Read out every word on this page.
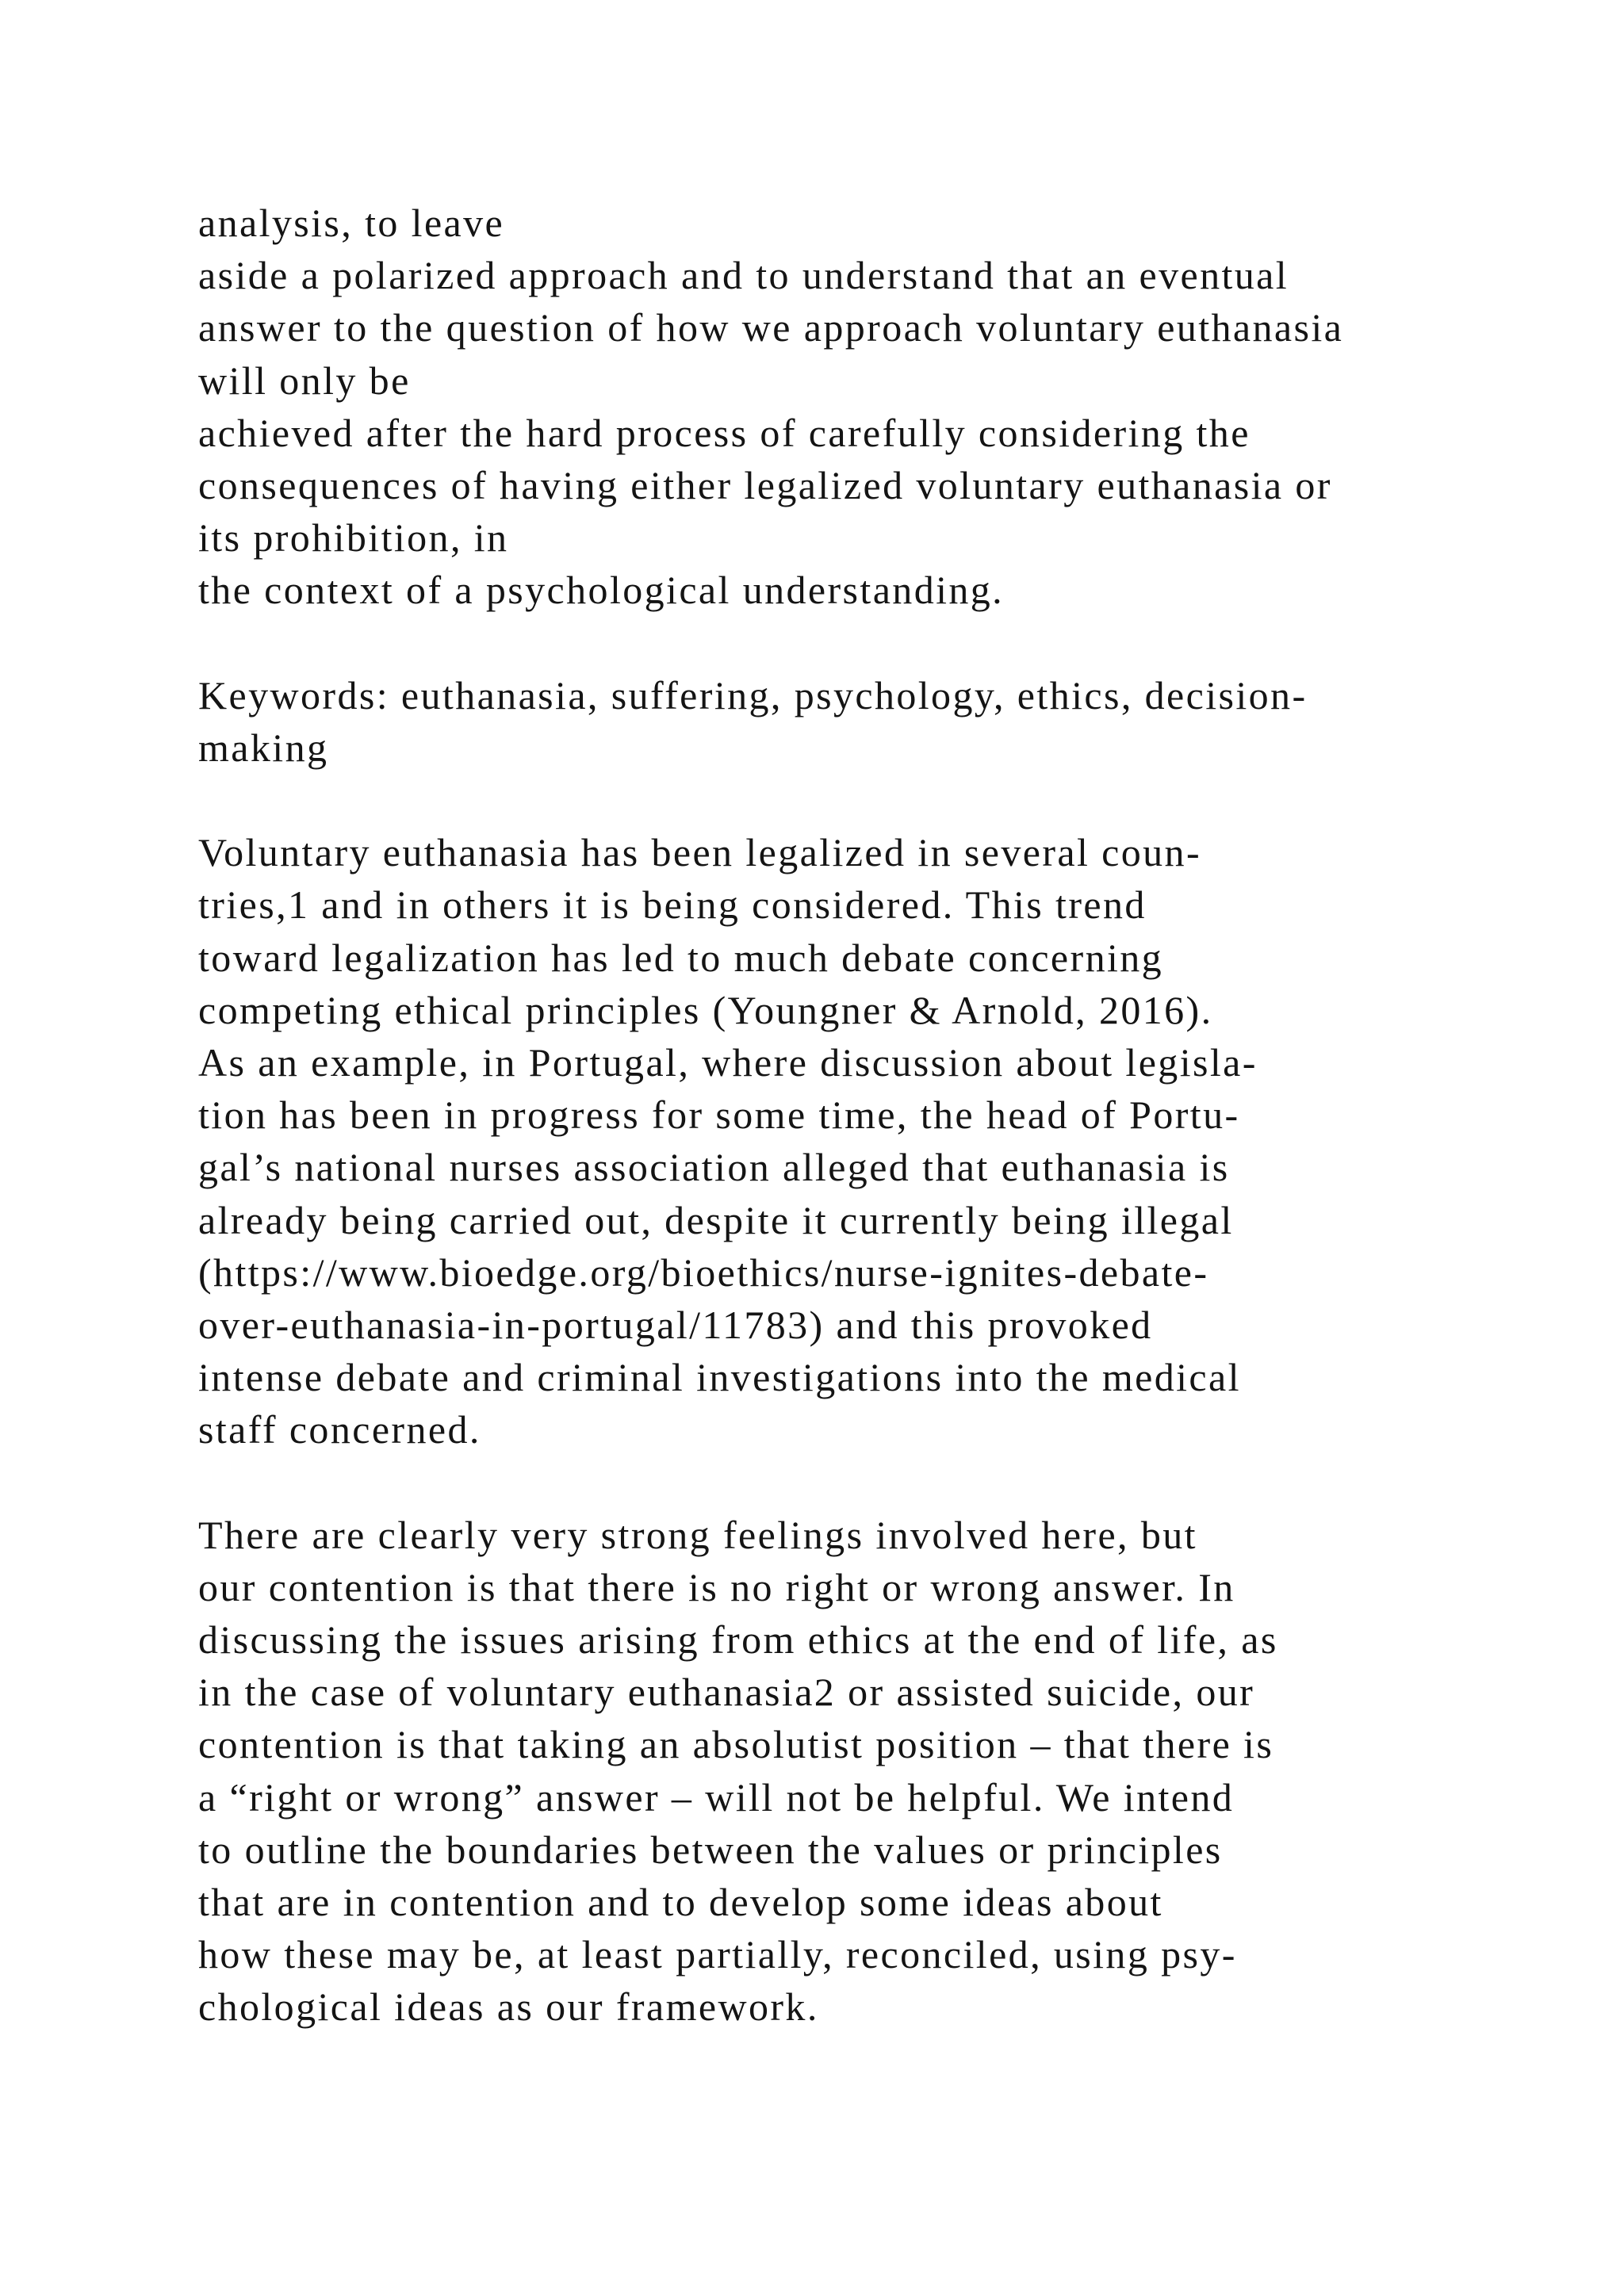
analysis, to leave
aside a polarized approach and to understand that an eventual
answer to the question of how we approach voluntary euthanasia
will only be
achieved after the hard process of carefully considering the
consequences of having either legalized voluntary euthanasia or
its prohibition, in
the context of a psychological understanding.
Keywords: euthanasia, suffering, psychology, ethics, decision-
making
Voluntary euthanasia has been legalized in several coun-
tries,1 and in others it is being considered. This trend
toward legalization has led to much debate concerning
competing ethical principles (Youngner & Arnold, 2016).
As an example, in Portugal, where discussion about legisla-
tion has been in progress for some time, the head of Portu-
gal’s national nurses association alleged that euthanasia is
already being carried out, despite it currently being illegal
(https://www.bioedge.org/bioethics/nurse-ignites-debate-
over-euthanasia-in-portugal/11783) and this provoked
intense debate and criminal investigations into the medical
staff concerned.
There are clearly very strong feelings involved here, but
our contention is that there is no right or wrong answer. In
discussing the issues arising from ethics at the end of life, as
in the case of voluntary euthanasia2 or assisted suicide, our
contention is that taking an absolutist position – that there is
a “right or wrong” answer – will not be helpful. We intend
to outline the boundaries between the values or principles
that are in contention and to develop some ideas about
how these may be, at least partially, reconciled, using psy-
chological ideas as our framework.
